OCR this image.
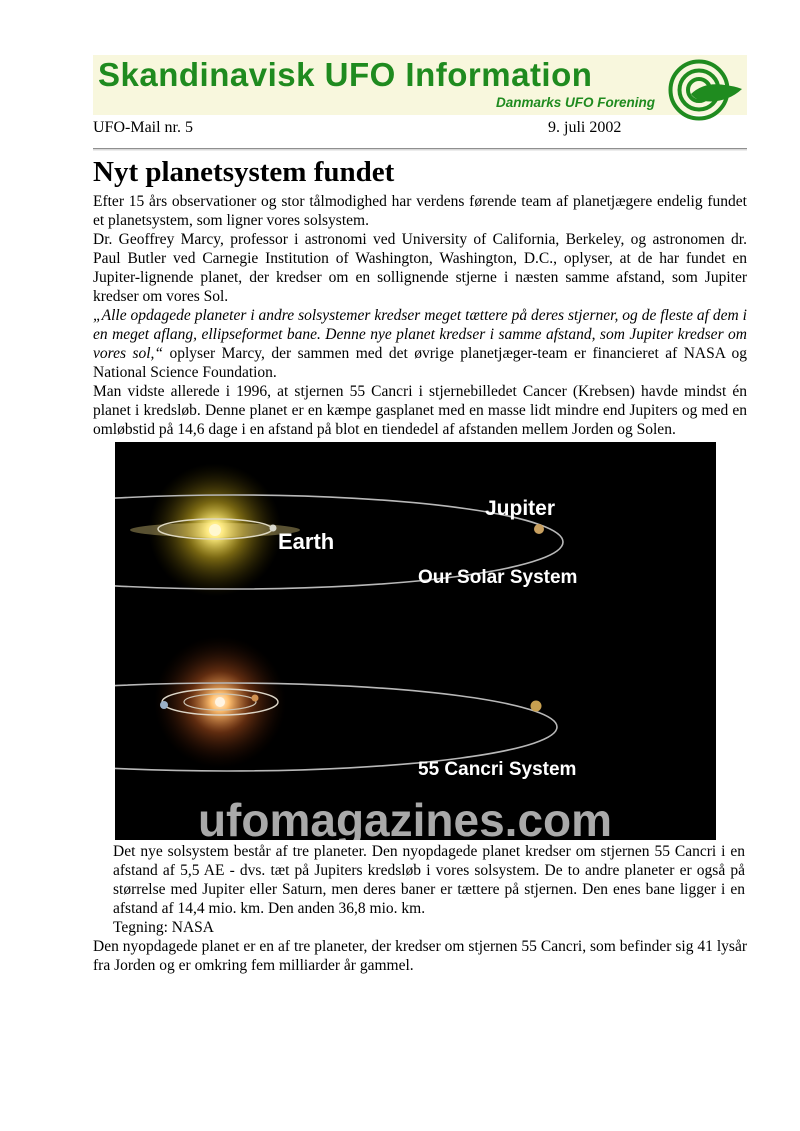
Skandinavisk UFO Information
Danmarks UFO Forening
UFO-Mail nr. 5	9. juli 2002
Nyt planetsystem fundet

Efter 15 års observationer og stor tålmodighed har verdens førende team af planetjægere endelig fundet et planetsystem, som ligner vores solsystem.

Dr. Geoffrey Marcy, professor i astronomi ved University of California, Berkeley, og astronomen dr. Paul Butler ved Carnegie Institution of Washington, Washington, D.C., oplyser, at de har fundet en Jupiter-lignende planet, der kredser om en sollignende stjerne i næsten samme afstand, som Jupiter kredser om vores Sol.

„Alle opdagede planeter i andre solsystemer kredser meget tættere på deres stjerner, og de fleste af dem i en meget aflang, ellipseformet bane. Denne nye planet kredser i samme afstand, som Jupiter kredser om vores sol,“ oplyser Marcy, der sammen med det øvrige planetjæger-team er financieret af NASA og National Science Foundation.

Man vidste allerede i 1996, at stjernen 55 Cancri i stjernebilledet Cancer (Krebsen) havde mindst én planet i kredsløb. Denne planet er en kæmpe gasplanet med en masse lidt mindre end Jupiters og med en omløbstid på 14,6 dage i en afstand på blot en tiendedel af afstanden mellem Jorden og Solen.

Jupiter
Earth
Our Solar System
55 Cancri System
ufomagazines.com
Det nye solsystem består af tre planeter. Den nyopdagede planet kredser om stjernen 55 Cancri i en afstand af 5,5 AE - dvs. tæt på Jupiters kredsløb i vores solsystem. De to andre planeter er også på størrelse med Jupiter eller Saturn, men deres baner er tættere på stjernen. Den enes bane ligger i en afstand af 14,4 mio. km. Den anden 36,8 mio. km.
Tegning: NASA

Den nyopdagede planet er en af tre planeter, der kredser om stjernen 55 Cancri, som befinder sig 41 lysår fra Jorden og er omkring fem milliarder år gammel.
